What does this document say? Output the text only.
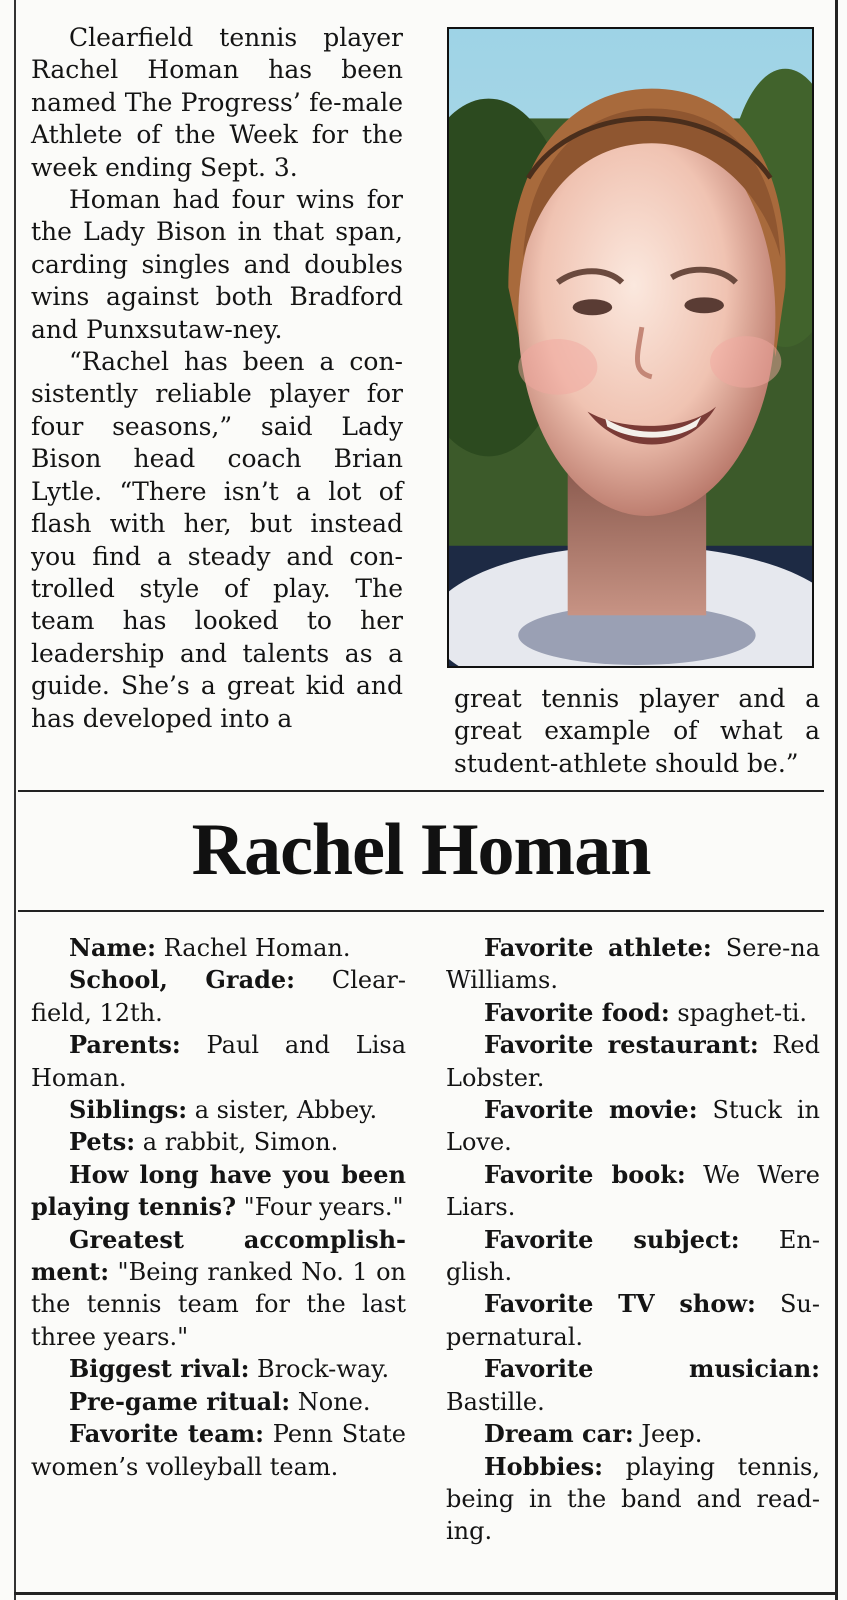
Clearfield tennis player Rachel Homan has been named The Progress’ fe-male Athlete of the Week for the week ending Sept. 3.

Homan had four wins for the Lady Bison in that span, carding singles and doubles wins against both Bradford and Punxsutaw-ney.

“Rachel has been a con-sistently reliable player for four seasons,” said Lady Bison head coach Brian Lytle. “There isn’t a lot of flash with her, but instead you find a steady and con-trolled style of play. The team has looked to her leadership and talents as a guide. She’s a great kid and has developed into a

great tennis player and a great example of what a student-athlete should be.”
Rachel Homan

Name: Rachel Homan.

School, Grade: Clear-field, 12th.

Parents: Paul and Lisa Homan.

Siblings: a sister, Abbey.

Pets: a rabbit, Simon.

How long have you been playing tennis? "Four years."

Greatest accomplish-ment: "Being ranked No. 1 on the tennis team for the last three years."

Biggest rival: Brock-way.

Pre-game ritual: None.

Favorite team: Penn State women’s volleyball team.

Favorite athlete: Sere-na Williams.

Favorite food: spaghet-ti.

Favorite restaurant: Red Lobster.

Favorite movie: Stuck in Love.

Favorite book: We Were Liars.

Favorite subject: En-glish.

Favorite TV show: Su-pernatural.

Favorite musician: Bastille.

Dream car: Jeep.

Hobbies: playing tennis, being in the band and read-ing.
